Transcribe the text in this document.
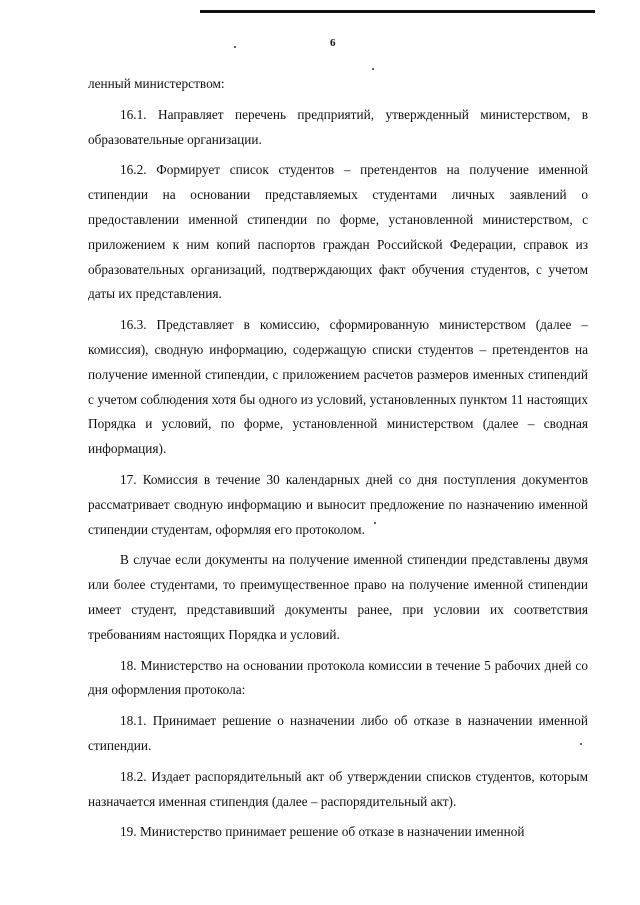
6

ленный министерством:

16.1. Направляет перечень предприятий, утвержденный министерством, в образовательные организации.

16.2. Формирует список студентов – претендентов на получение именной стипендии на основании представляемых студентами личных заявлений о предоставлении именной стипендии по форме, установленной министерством, с приложением к ним копий паспортов граждан Российской Федерации, справок из образовательных организаций, подтверждающих факт обучения студентов, с учетом даты их представления.

16.3. Представляет в комиссию, сформированную министерством (далее – комиссия), сводную информацию, содержащую списки студентов – претендентов на получение именной стипендии, с приложением расчетов размеров именных стипендий с учетом соблюдения хотя бы одного из условий, установленных пунктом 11 настоящих Порядка и условий, по форме, установленной министерством (далее – сводная информация).

17. Комиссия в течение 30 календарных дней со дня поступления документов рассматривает сводную информацию и выносит предложение по назначению именной стипендии студентам, оформляя его протоколом.

В случае если документы на получение именной стипендии представлены двумя или более студентами, то преимущественное право на получение именной стипендии имеет студент, представивший документы ранее, при условии их соответствия требованиям настоящих Порядка и условий.

18. Министерство на основании протокола комиссии в течение 5 рабочих дней со дня оформления протокола:

18.1. Принимает решение о назначении либо об отказе в назначении именной стипендии.

18.2. Издает распорядительный акт об утверждении списков студентов, которым назначается именная стипендия (далее – распорядительный акт).

19. Министерство принимает решение об отказе в назначении именной
